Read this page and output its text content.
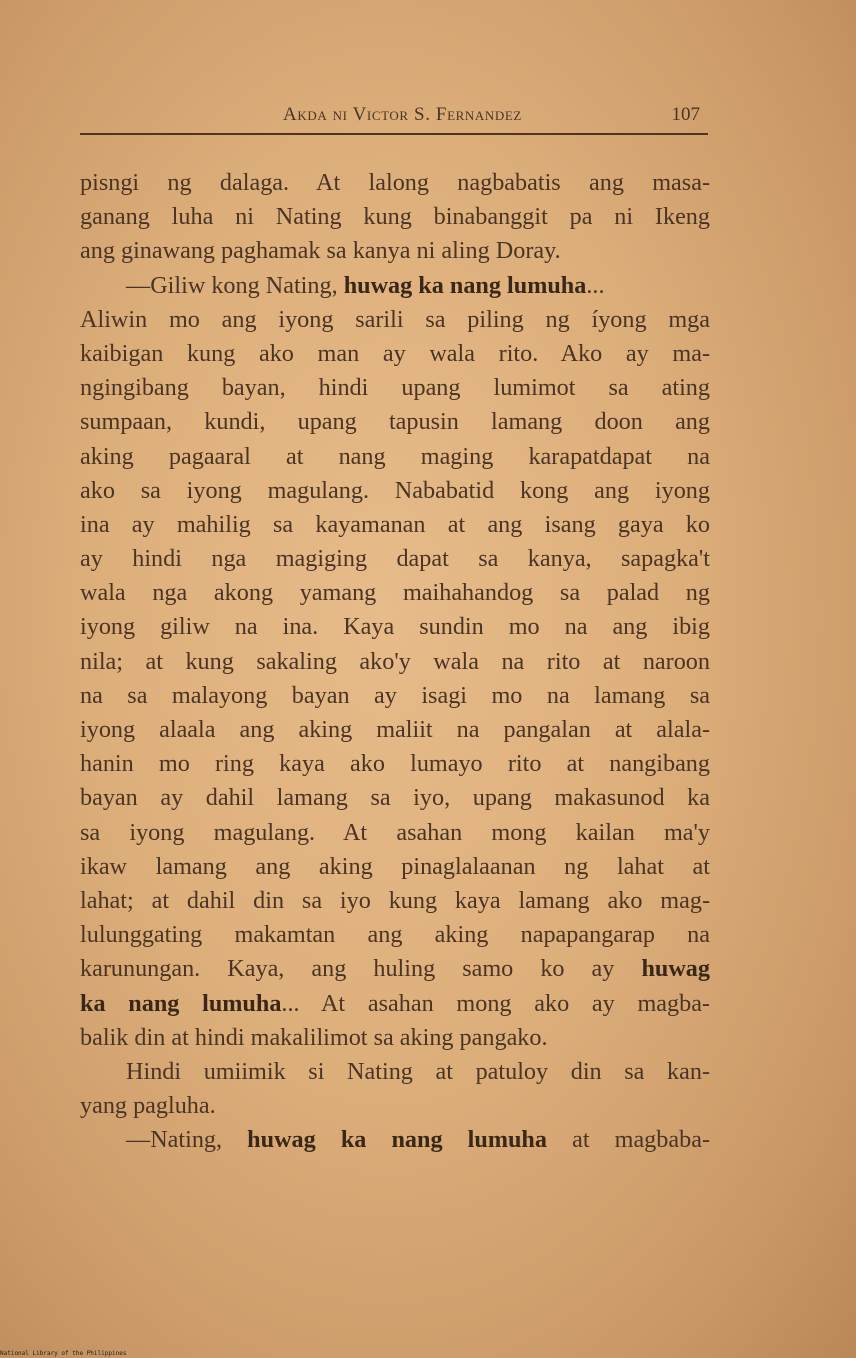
Akda ni Victor S. Fernandez	107
pisngi ng dalaga. At lalong nagbabatis ang masa-
ganang luha ni Nating kung binabanggit pa ni Ikeng
ang ginawang paghamak sa kanya ni aling Doray.
—Giliw kong Nating, huwag ka nang lumuha...
Aliwin mo ang iyong sarili sa piling ng íyong mga
kaibigan kung ako man ay wala rito. Ako ay ma-
ngingibang bayan, hindi upang lumimot sa ating
sumpaan, kundi, upang tapusin lamang doon ang
aking pagaaral at nang maging karapatdapat na
ako sa iyong magulang. Nababatid kong ang iyong
ina ay mahilig sa kayamanan at ang isang gaya ko
ay hindi nga magiging dapat sa kanya, sapagka't
wala nga akong yamang maihahandog sa palad ng
iyong giliw na ina. Kaya sundin mo na ang ibig
nila; at kung sakaling ako'y wala na rito at naroon
na sa malayong bayan ay isagi mo na lamang sa
iyong alaala ang aking maliit na pangalan at alala-
hanin mo ring kaya ako lumayo rito at nangibang
bayan ay dahil lamang sa iyo, upang makasunod ka
sa iyong magulang. At asahan mong kailan ma'y
ikaw lamang ang aking pinaglalaanan ng lahat at
lahat; at dahil din sa iyo kung kaya lamang ako mag-
lulunggating makamtan ang aking napapangarap na
karunungan. Kaya, ang huling samo ko ay huwag
ka nang lumuha... At asahan mong ako ay magba-
balik din at hindi makalilimot sa aking pangako.
Hindi umiimik si Nating at patuloy din sa kan-
yang pagluha.
—Nating, huwag ka nang lumuha at magbaba-
National Library of the Philippines
